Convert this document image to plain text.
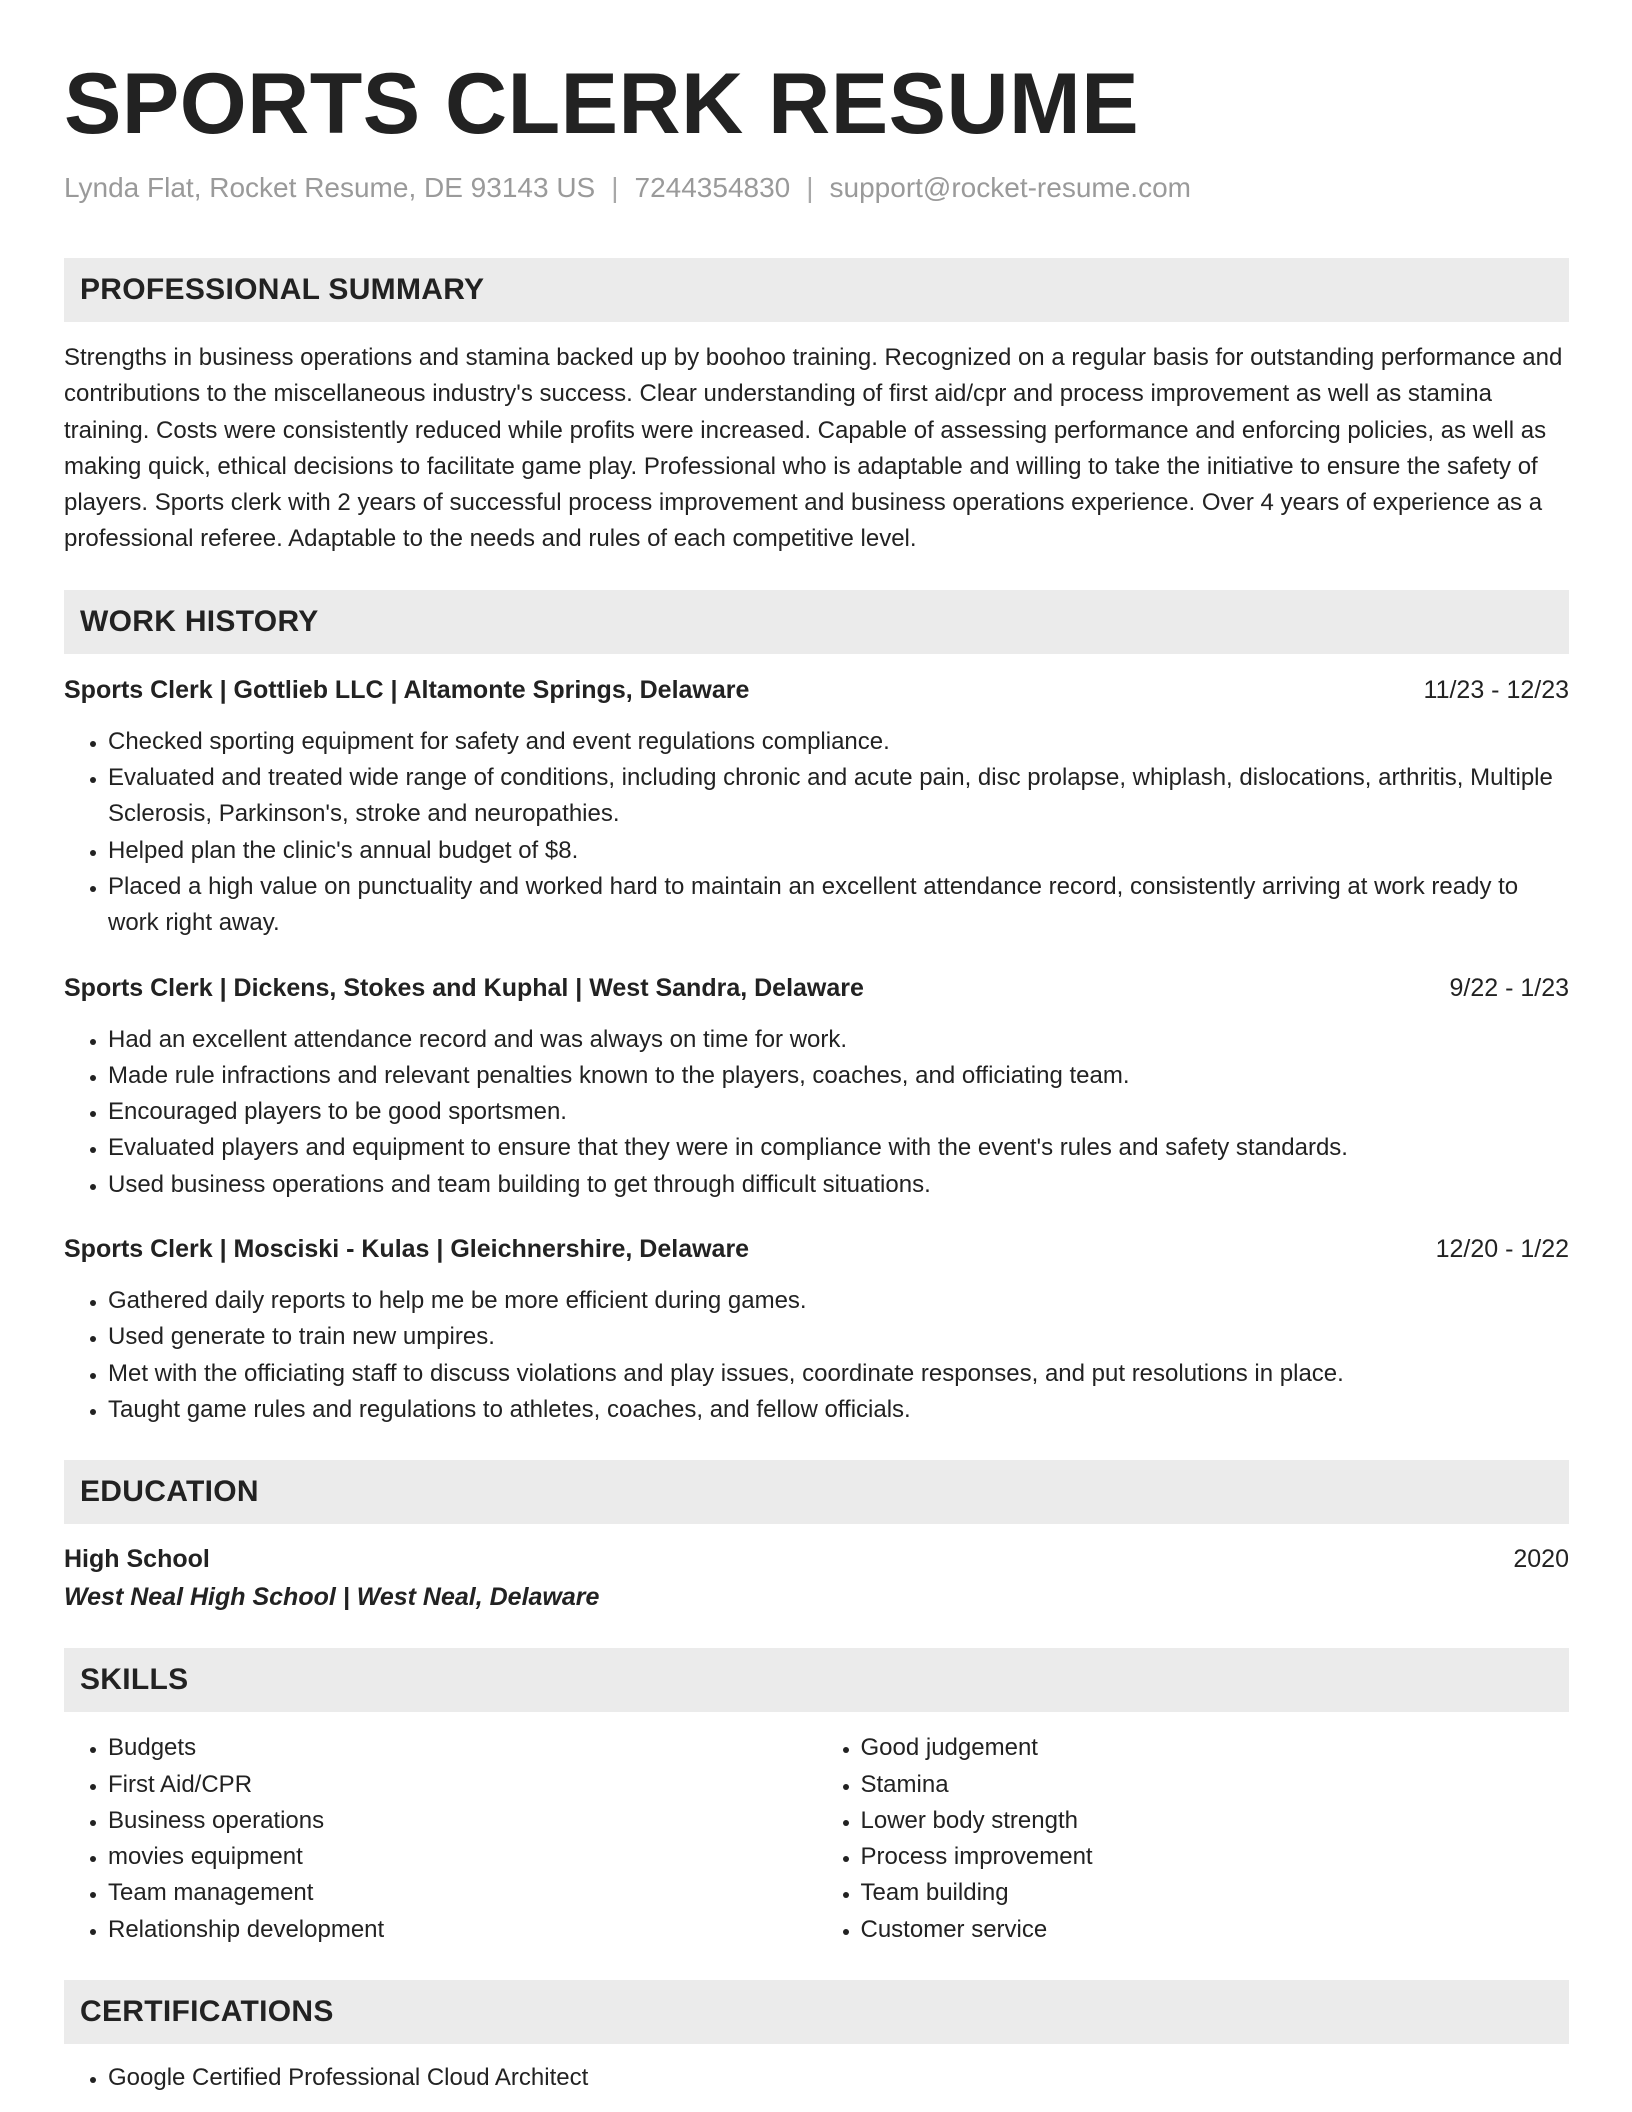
SPORTS CLERK RESUME
Lynda Flat, Rocket Resume, DE 93143 US | 7244354830 | support@rocket-resume.com
PROFESSIONAL SUMMARY

Strengths in business operations and stamina backed up by boohoo training. Recognized on a regular basis for outstanding performance and contributions to the miscellaneous industry's success. Clear understanding of first aid/cpr and process improvement as well as stamina training. Costs were consistently reduced while profits were increased. Capable of assessing performance and enforcing policies, as well as making quick, ethical decisions to facilitate game play. Professional who is adaptable and willing to take the initiative to ensure the safety of players. Sports clerk with 2 years of successful process improvement and business operations experience. Over 4 years of experience as a professional referee. Adaptable to the needs and rules of each competitive level.

WORK HISTORY
Sports Clerk | Gottlieb LLC | Altamonte Springs, Delaware	11/23 - 12/23
• Checked sporting equipment for safety and event regulations compliance.
• Evaluated and treated wide range of conditions, including chronic and acute pain, disc prolapse, whiplash, dislocations, arthritis, Multiple Sclerosis, Parkinson's, stroke and neuropathies.
• Helped plan the clinic's annual budget of $8.
• Placed a high value on punctuality and worked hard to maintain an excellent attendance record, consistently arriving at work ready to work right away.
Sports Clerk | Dickens, Stokes and Kuphal | West Sandra, Delaware	9/22 - 1/23
• Had an excellent attendance record and was always on time for work.
• Made rule infractions and relevant penalties known to the players, coaches, and officiating team.
• Encouraged players to be good sportsmen.
• Evaluated players and equipment to ensure that they were in compliance with the event's rules and safety standards.
• Used business operations and team building to get through difficult situations.
Sports Clerk | Mosciski - Kulas | Gleichnershire, Delaware	12/20 - 1/22
• Gathered daily reports to help me be more efficient during games.
• Used generate to train new umpires.
• Met with the officiating staff to discuss violations and play issues, coordinate responses, and put resolutions in place.
• Taught game rules and regulations to athletes, coaches, and fellow officials.
EDUCATION
High School	2020
West Neal High School | West Neal, Delaware
SKILLS
• Budgets
• First Aid/CPR
• Business operations
• movies equipment
• Team management
• Relationship development
• Good judgement
• Stamina
• Lower body strength
• Process improvement
• Team building
• Customer service
CERTIFICATIONS
• Google Certified Professional Cloud Architect
